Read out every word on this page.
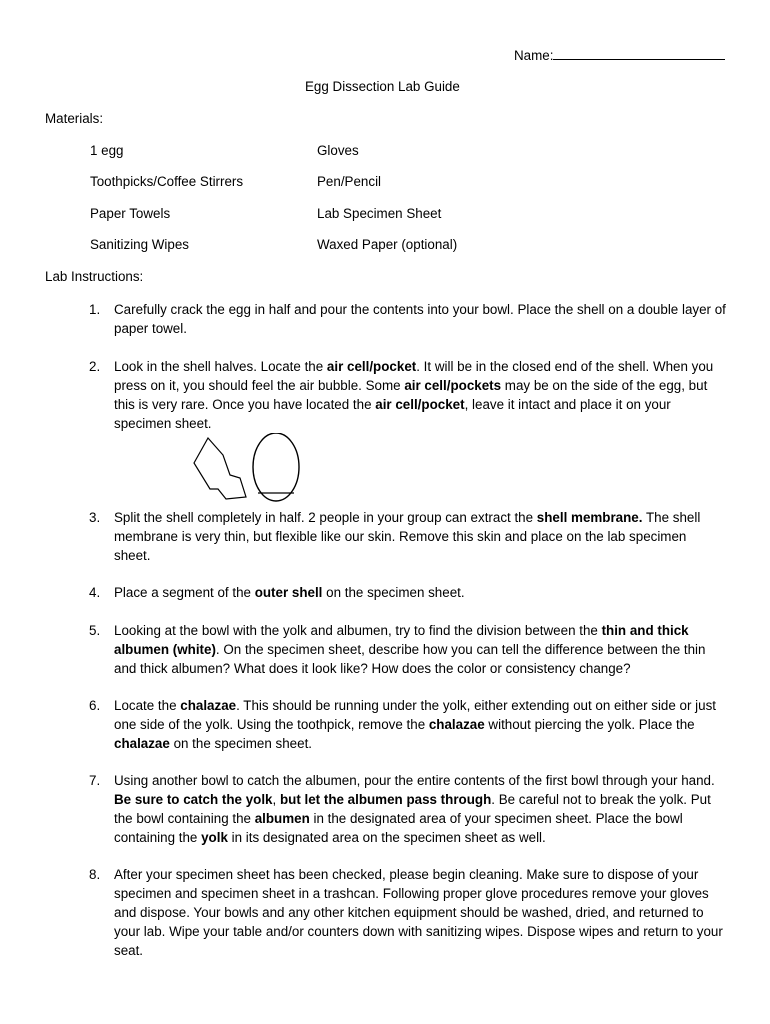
Name:
Egg Dissection Lab Guide
Materials:
1 egg
Toothpicks/Coffee Stirrers
Paper Towels
Sanitizing Wipes
Gloves
Pen/Pencil
Lab Specimen Sheet
Waxed Paper (optional)
Lab Instructions:
1. Carefully crack the egg in half and pour the contents into your bowl. Place the shell on a double layer of paper towel.
2. Look in the shell halves. Locate the air cell/pocket. It will be in the closed end of the shell. When you press on it, you should feel the air bubble. Some air cell/pockets may be on the side of the egg, but this is very rare. Once you have located the air cell/pocket, leave it intact and place it on your specimen sheet.
3. Split the shell completely in half. 2 people in your group can extract the shell membrane. The shell membrane is very thin, but flexible like our skin. Remove this skin and place on the lab specimen sheet.
4. Place a segment of the outer shell on the specimen sheet.
5. Looking at the bowl with the yolk and albumen, try to find the division between the thin and thick albumen (white). On the specimen sheet, describe how you can tell the difference between the thin and thick albumen? What does it look like? How does the color or consistency change?
6. Locate the chalazae. This should be running under the yolk, either extending out on either side or just one side of the yolk. Using the toothpick, remove the chalazae without piercing the yolk. Place the chalazae on the specimen sheet.
7. Using another bowl to catch the albumen, pour the entire contents of the first bowl through your hand. Be sure to catch the yolk, but let the albumen pass through. Be careful not to break the yolk. Put the bowl containing the albumen in the designated area of your specimen sheet. Place the bowl containing the yolk in its designated area on the specimen sheet as well.
8. After your specimen sheet has been checked, please begin cleaning. Make sure to dispose of your specimen and specimen sheet in a trashcan. Following proper glove procedures remove your gloves and dispose. Your bowls and any other kitchen equipment should be washed, dried, and returned to your lab. Wipe your table and/or counters down with sanitizing wipes. Dispose wipes and return to your seat.
